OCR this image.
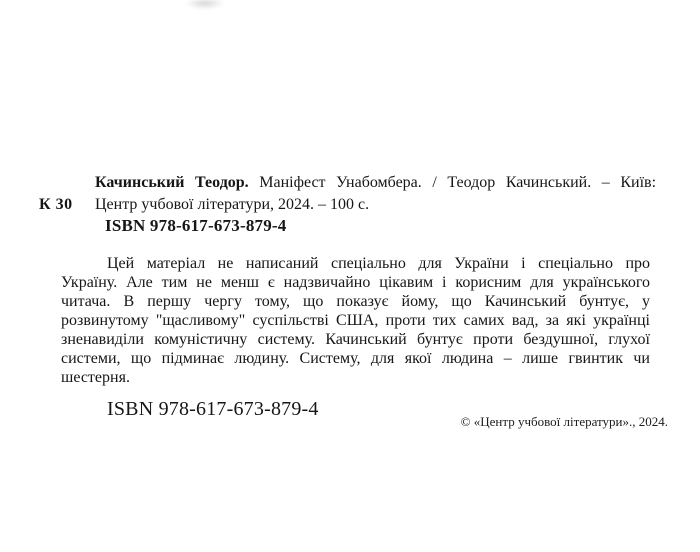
К 30
Качинський Теодор. Маніфест Унабомбера. / Теодор Качинський. – Київ:
Центр учбової літератури, 2024. – 100 с.
ISBN 978-617-673-879-4
Цей матеріал не написаний спеціально для України і спеціально про
Україну. Але тим не менш є надзвичайно цікавим і корисним для українського
читача. В першу чергу тому, що показує йому, що Качинський бунтує, у
розвинутому "щасливому" суспільстві США, проти тих самих вад, за які українці
зненавиділи комуністичну систему. Качинський бунтує проти бездушної, глухої
системи, що підминає людину. Систему, для якої людина – лише гвинтик чи
шестерня.
ISBN 978-617-673-879-4
© «Центр учбової літератури»., 2024.
